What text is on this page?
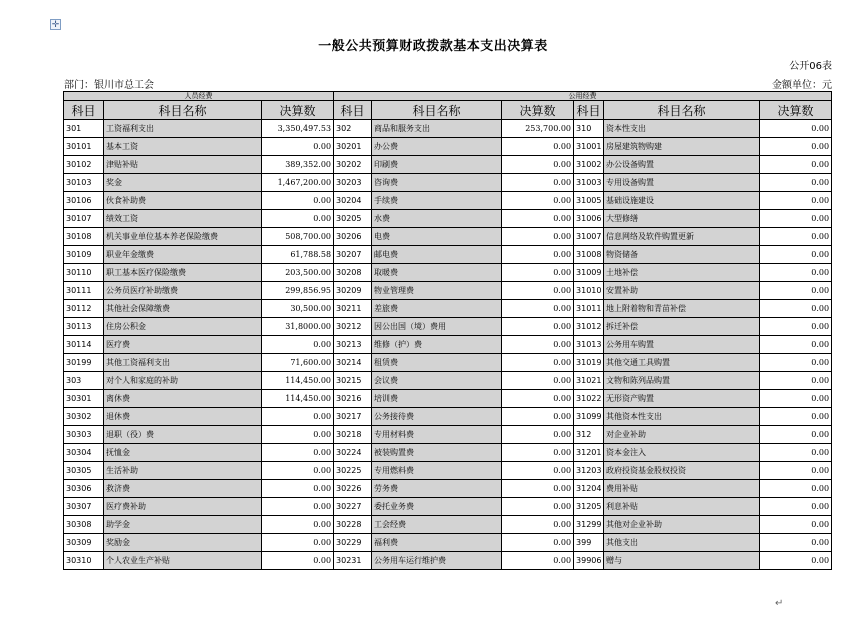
✛
一般公共预算财政拨款基本支出决算表
公开06表
部门：银川市总工会	金额单位：元
人员经费			公用经费					
科目	科目名称	决算数	科目	科目名称	决算数	科目	科目名称	决算数
301	工资福利支出	3,350,497.53	302	商品和服务支出	253,700.00	310	资本性支出	0.00
30101	基本工资	0.00	30201	办公费	0.00	31001	房屋建筑物购建	0.00
30102	津贴补贴	389,352.00	30202	印刷费	0.00	31002	办公设备购置	0.00
30103	奖金	1,467,200.00	30203	咨询费	0.00	31003	专用设备购置	0.00
30106	伙食补助费	0.00	30204	手续费	0.00	31005	基础设施建设	0.00
30107	绩效工资	0.00	30205	水费	0.00	31006	大型修缮	0.00
30108	机关事业单位基本养老保险缴费	508,700.00	30206	电费	0.00	31007	信息网络及软件购置更新	0.00
30109	职业年金缴费	61,788.58	30207	邮电费	0.00	31008	物资储备	0.00
30110	职工基本医疗保险缴费	203,500.00	30208	取暖费	0.00	31009	土地补偿	0.00
30111	公务员医疗补助缴费	299,856.95	30209	物业管理费	0.00	31010	安置补助	0.00
30112	其他社会保障缴费	30,500.00	30211	差旅费	0.00	31011	地上附着物和青苗补偿	0.00
30113	住房公积金	31,8000.00	30212	因公出国（境）费用	0.00	31012	拆迁补偿	0.00
30114	医疗费	0.00	30213	维修（护）费	0.00	31013	公务用车购置	0.00
30199	其他工资福利支出	71,600.00	30214	租赁费	0.00	31019	其他交通工具购置	0.00
303	对个人和家庭的补助	114,450.00	30215	会议费	0.00	31021	文物和陈列品购置	0.00
30301	离休费	114,450.00	30216	培训费	0.00	31022	无形资产购置	0.00
30302	退休费	0.00	30217	公务接待费	0.00	31099	其他资本性支出	0.00
30303	退职（役）费	0.00	30218	专用材料费	0.00	312	对企业补助	0.00
30304	抚恤金	0.00	30224	被装购置费	0.00	31201	资本金注入	0.00
30305	生活补助	0.00	30225	专用燃料费	0.00	31203	政府投资基金股权投资	0.00
30306	救济费	0.00	30226	劳务费	0.00	31204	费用补贴	0.00
30307	医疗费补助	0.00	30227	委托业务费	0.00	31205	利息补贴	0.00
30308	助学金	0.00	30228	工会经费	0.00	31299	其他对企业补助	0.00
30309	奖励金	0.00	30229	福利费	0.00	399	其他支出	0.00
30310	个人农业生产补贴	0.00	30231	公务用车运行维护费	0.00	39906	赠与	0.00
↵
